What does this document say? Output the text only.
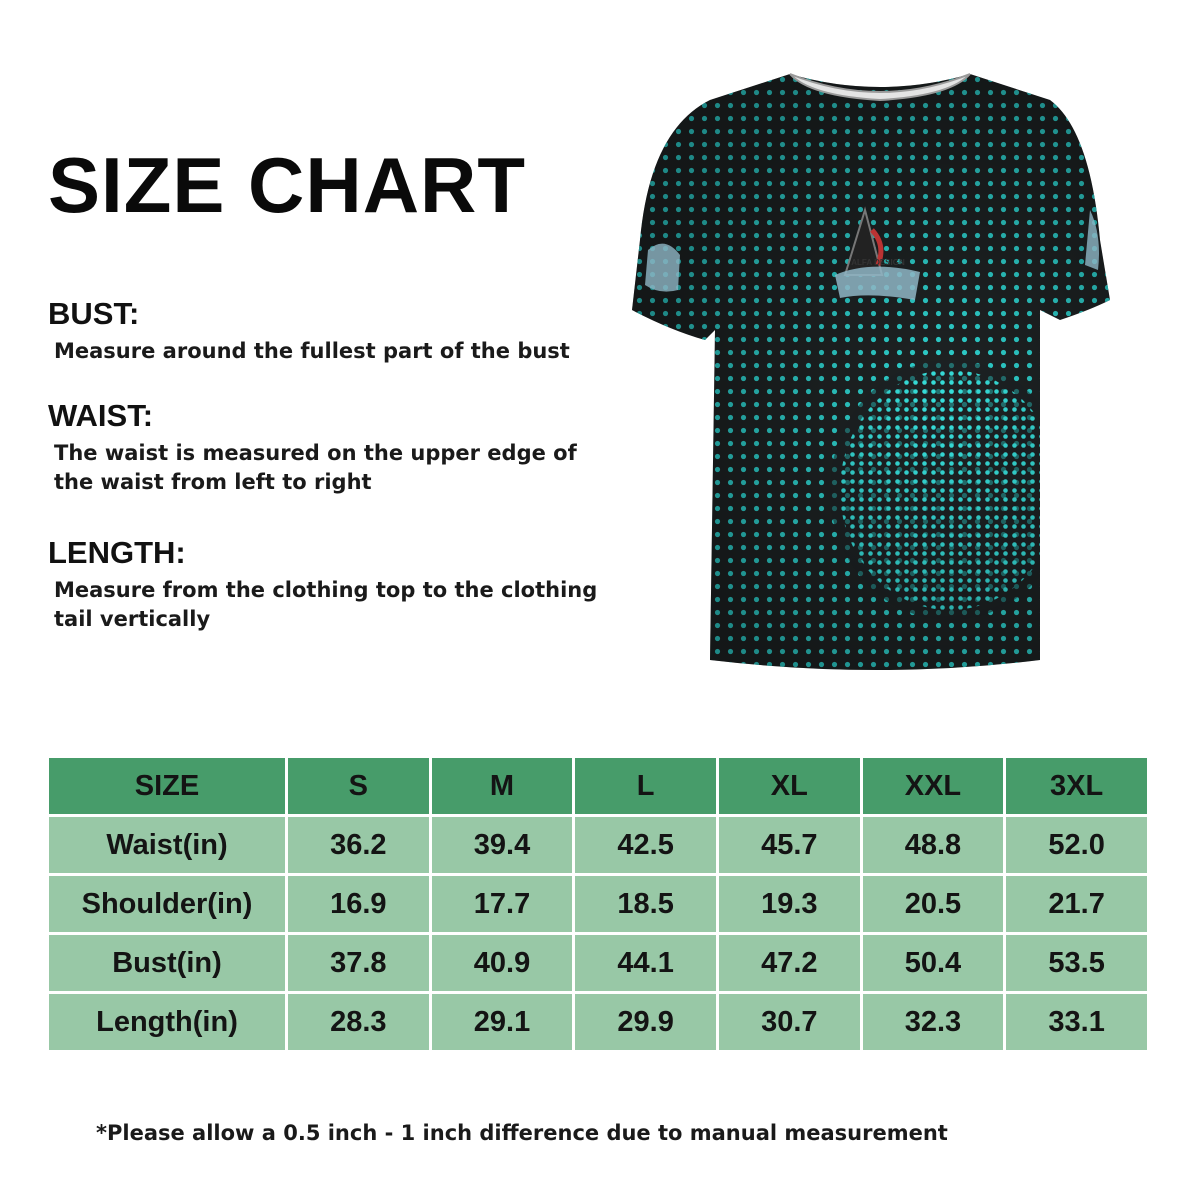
SIZE CHART
BUST:

Measure around the fullest part of the bust

WAIST:

The waist is measured on the upper edge of
the waist from left to right

LENGTH:

Measure from the clothing top to the clothing
tail vertically

ALFA DESIGN
SIZE	S	M	L	XL	XXL	3XL
Waist(in)	36.2	39.4	42.5	45.7	48.8	52.0
Shoulder(in)	16.9	17.7	18.5	19.3	20.5	21.7
Bust(in)	37.8	40.9	44.1	47.2	50.4	53.5
Length(in)	28.3	29.1	29.9	30.7	32.3	33.1

*Please allow a 0.5 inch - 1 inch difference due to manual measurement
